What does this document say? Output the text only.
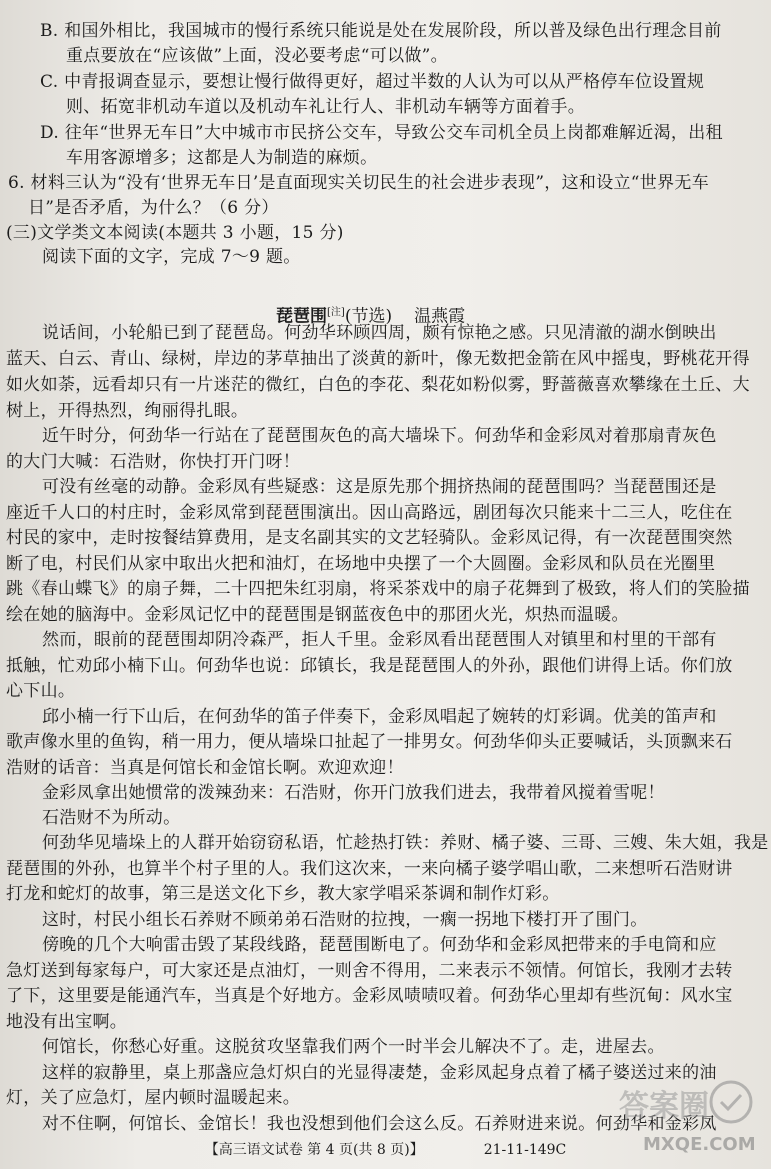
B. 和国外相比，我国城市的慢行系统只能说是处在发展阶段，所以普及绿色出行理念目前
重点要放在“应该做”上面，没必要考虑“可以做”。
C. 中青报调查显示，要想让慢行做得更好，超过半数的人认为可以从严格停车位设置规
则、拓宽非机动车道以及机动车礼让行人、非机动车辆等方面着手。
D. 往年“世界无车日”大中城市市民挤公交车，导致公交车司机全员上岗都难解近渴，出租
车用客源增多；这都是人为制造的麻烦。
6. 材料三认为“没有‘世界无车日’是直面现实关切民生的社会进步表现”，这和设立“世界无车
日”是否矛盾，为什么？（6 分）
(三)文学类文本阅读(本题共 3 小题，15 分)
阅读下面的文字，完成 7～9 题。
琵琶围[注](节选) 温燕霞
说话间，小轮船已到了琵琶岛。何劲华环顾四周，颇有惊艳之感。只见清澈的湖水倒映出
蓝天、白云、青山、绿树，岸边的茅草抽出了淡黄的新叶，像无数把金箭在风中摇曳，野桃花开得
如火如荼，远看却只有一片迷茫的微红，白色的李花、梨花如粉似雾，野蔷薇喜欢攀缘在土丘、大
树上，开得热烈，绚丽得扎眼。
近午时分，何劲华一行站在了琵琶围灰色的高大墙垛下。何劲华和金彩凤对着那扇青灰色
的大门大喊：石浩财，你快打开门呀！
可没有丝毫的动静。金彩凤有些疑惑：这是原先那个拥挤热闹的琵琶围吗？当琵琶围还是
座近千人口的村庄时，金彩凤常到琵琶围演出。因山高路远，剧团每次只能来十二三人，吃住在
村民的家中，走时按餐结算费用，是支名副其实的文艺轻骑队。金彩凤记得，有一次琵琶围突然
断了电，村民们从家中取出火把和油灯，在场地中央摆了一个大圆圈。金彩凤和队员在光圈里
跳《春山蝶飞》的扇子舞，二十四把朱红羽扇，将采茶戏中的扇子花舞到了极致，将人们的笑脸描
绘在她的脑海中。金彩凤记忆中的琵琶围是钢蓝夜色中的那团火光，炽热而温暖。
然而，眼前的琵琶围却阴冷森严，拒人千里。金彩凤看出琵琶围人对镇里和村里的干部有
抵触，忙劝邱小楠下山。何劲华也说：邱镇长，我是琵琶围人的外孙，跟他们讲得上话。你们放
心下山。
邱小楠一行下山后，在何劲华的笛子伴奏下，金彩凤唱起了婉转的灯彩调。优美的笛声和
歌声像水里的鱼钩，稍一用力，便从墙垛口扯起了一排男女。何劲华仰头正要喊话，头顶飘来石
浩财的话音：当真是何馆长和金馆长啊。欢迎欢迎！
金彩凤拿出她惯常的泼辣劲来：石浩财，你开门放我们进去，我带着风搅着雪呢！
石浩财不为所动。
何劲华见墙垛上的人群开始窃窃私语，忙趁热打铁：养财、橘子婆、三哥、三嫂、朱大姐，我是
琵琶围的外孙，也算半个村子里的人。我们这次来，一来向橘子婆学唱山歌，二来想听石浩财讲
打龙和蛇灯的故事，第三是送文化下乡，教大家学唱采茶调和制作灯彩。
这时，村民小组长石养财不顾弟弟石浩财的拉拽，一瘸一拐地下楼打开了围门。
傍晚的几个大响雷击毁了某段线路，琵琶围断电了。何劲华和金彩凤把带来的手电筒和应
急灯送到每家每户，可大家还是点油灯，一则舍不得用，二来表示不领情。何馆长，我刚才去转
了下，这里要是能通汽车，当真是个好地方。金彩凤啧啧叹着。何劲华心里却有些沉甸：风水宝
地没有出宝啊。
何馆长，你愁心好重。这脱贫攻坚靠我们两个一时半会儿解决不了。走，进屋去。
这样的寂静里，桌上那盏应急灯炽白的光显得凄楚，金彩凤起身点着了橘子婆送过来的油
灯，关了应急灯，屋内顿时温暖起来。
对不住啊，何馆长、金馆长！我也没想到他们会这么反。石养财进来说。何劲华和金彩凤
答案圈
MXQE.COM
【高三语文试卷 第 4 页(共 8 页)】	21-11-149C
